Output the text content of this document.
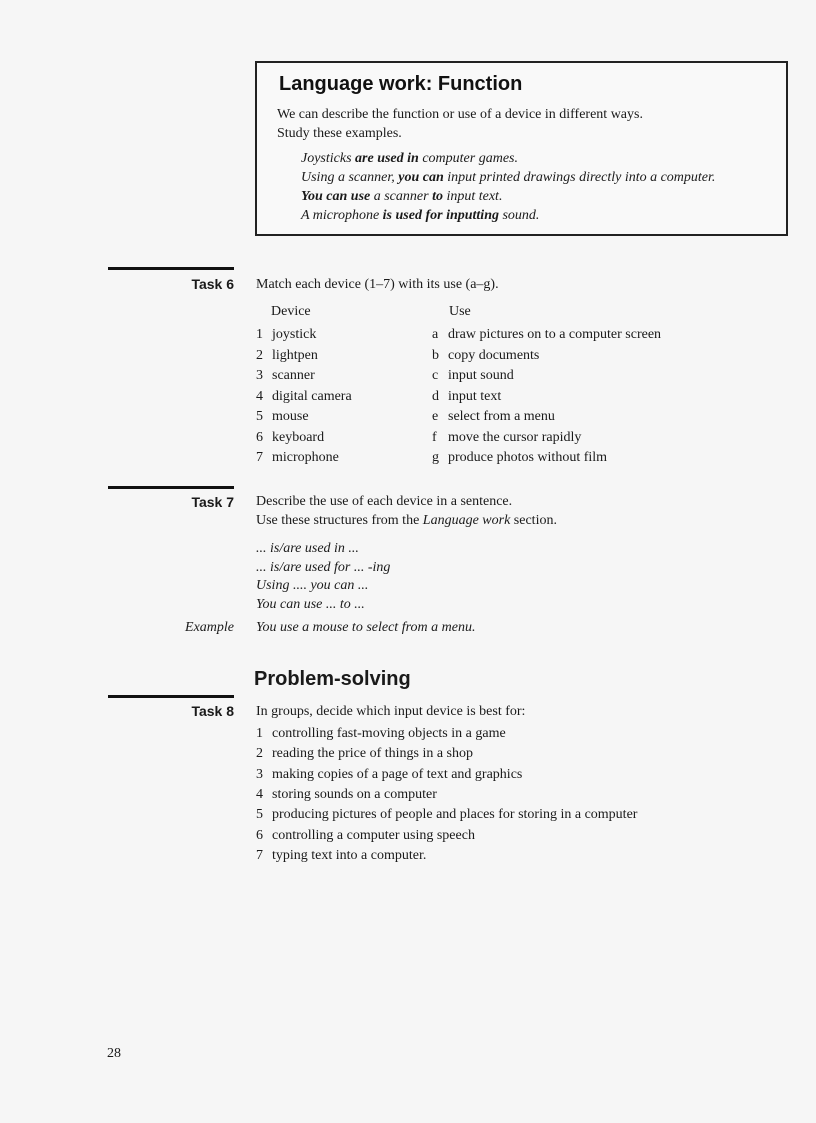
Language work: Function
We can describe the function or use of a device in different ways.
Study these examples.
Joysticks are used in computer games.
Using a scanner, you can input printed drawings directly into a computer.
You can use a scanner to input text.
A microphone is used for inputting sound.
Task 6 Match each device (1–7) with its use (a–g).
Device	Use
1 joystick
2 lightpen
3 scanner
4 digital camera
5 mouse
6 keyboard
7 microphone
a draw pictures on to a computer screen
b copy documents
c input sound
d input text
e select from a menu
f move the cursor rapidly
g produce photos without film
Task 7 Describe the use of each device in a sentence.
Use these structures from the Language work section.
... is/are used in ...
... is/are used for ... -ing
Using .... you can ...
You can use ... to ...
Example You use a mouse to select from a menu.
Problem-solving
Task 8 In groups, decide which input device is best for:
1 controlling fast-moving objects in a game
2 reading the price of things in a shop
3 making copies of a page of text and graphics
4 storing sounds on a computer
5 producing pictures of people and places for storing in a computer
6 controlling a computer using speech
7 typing text into a computer.
28
